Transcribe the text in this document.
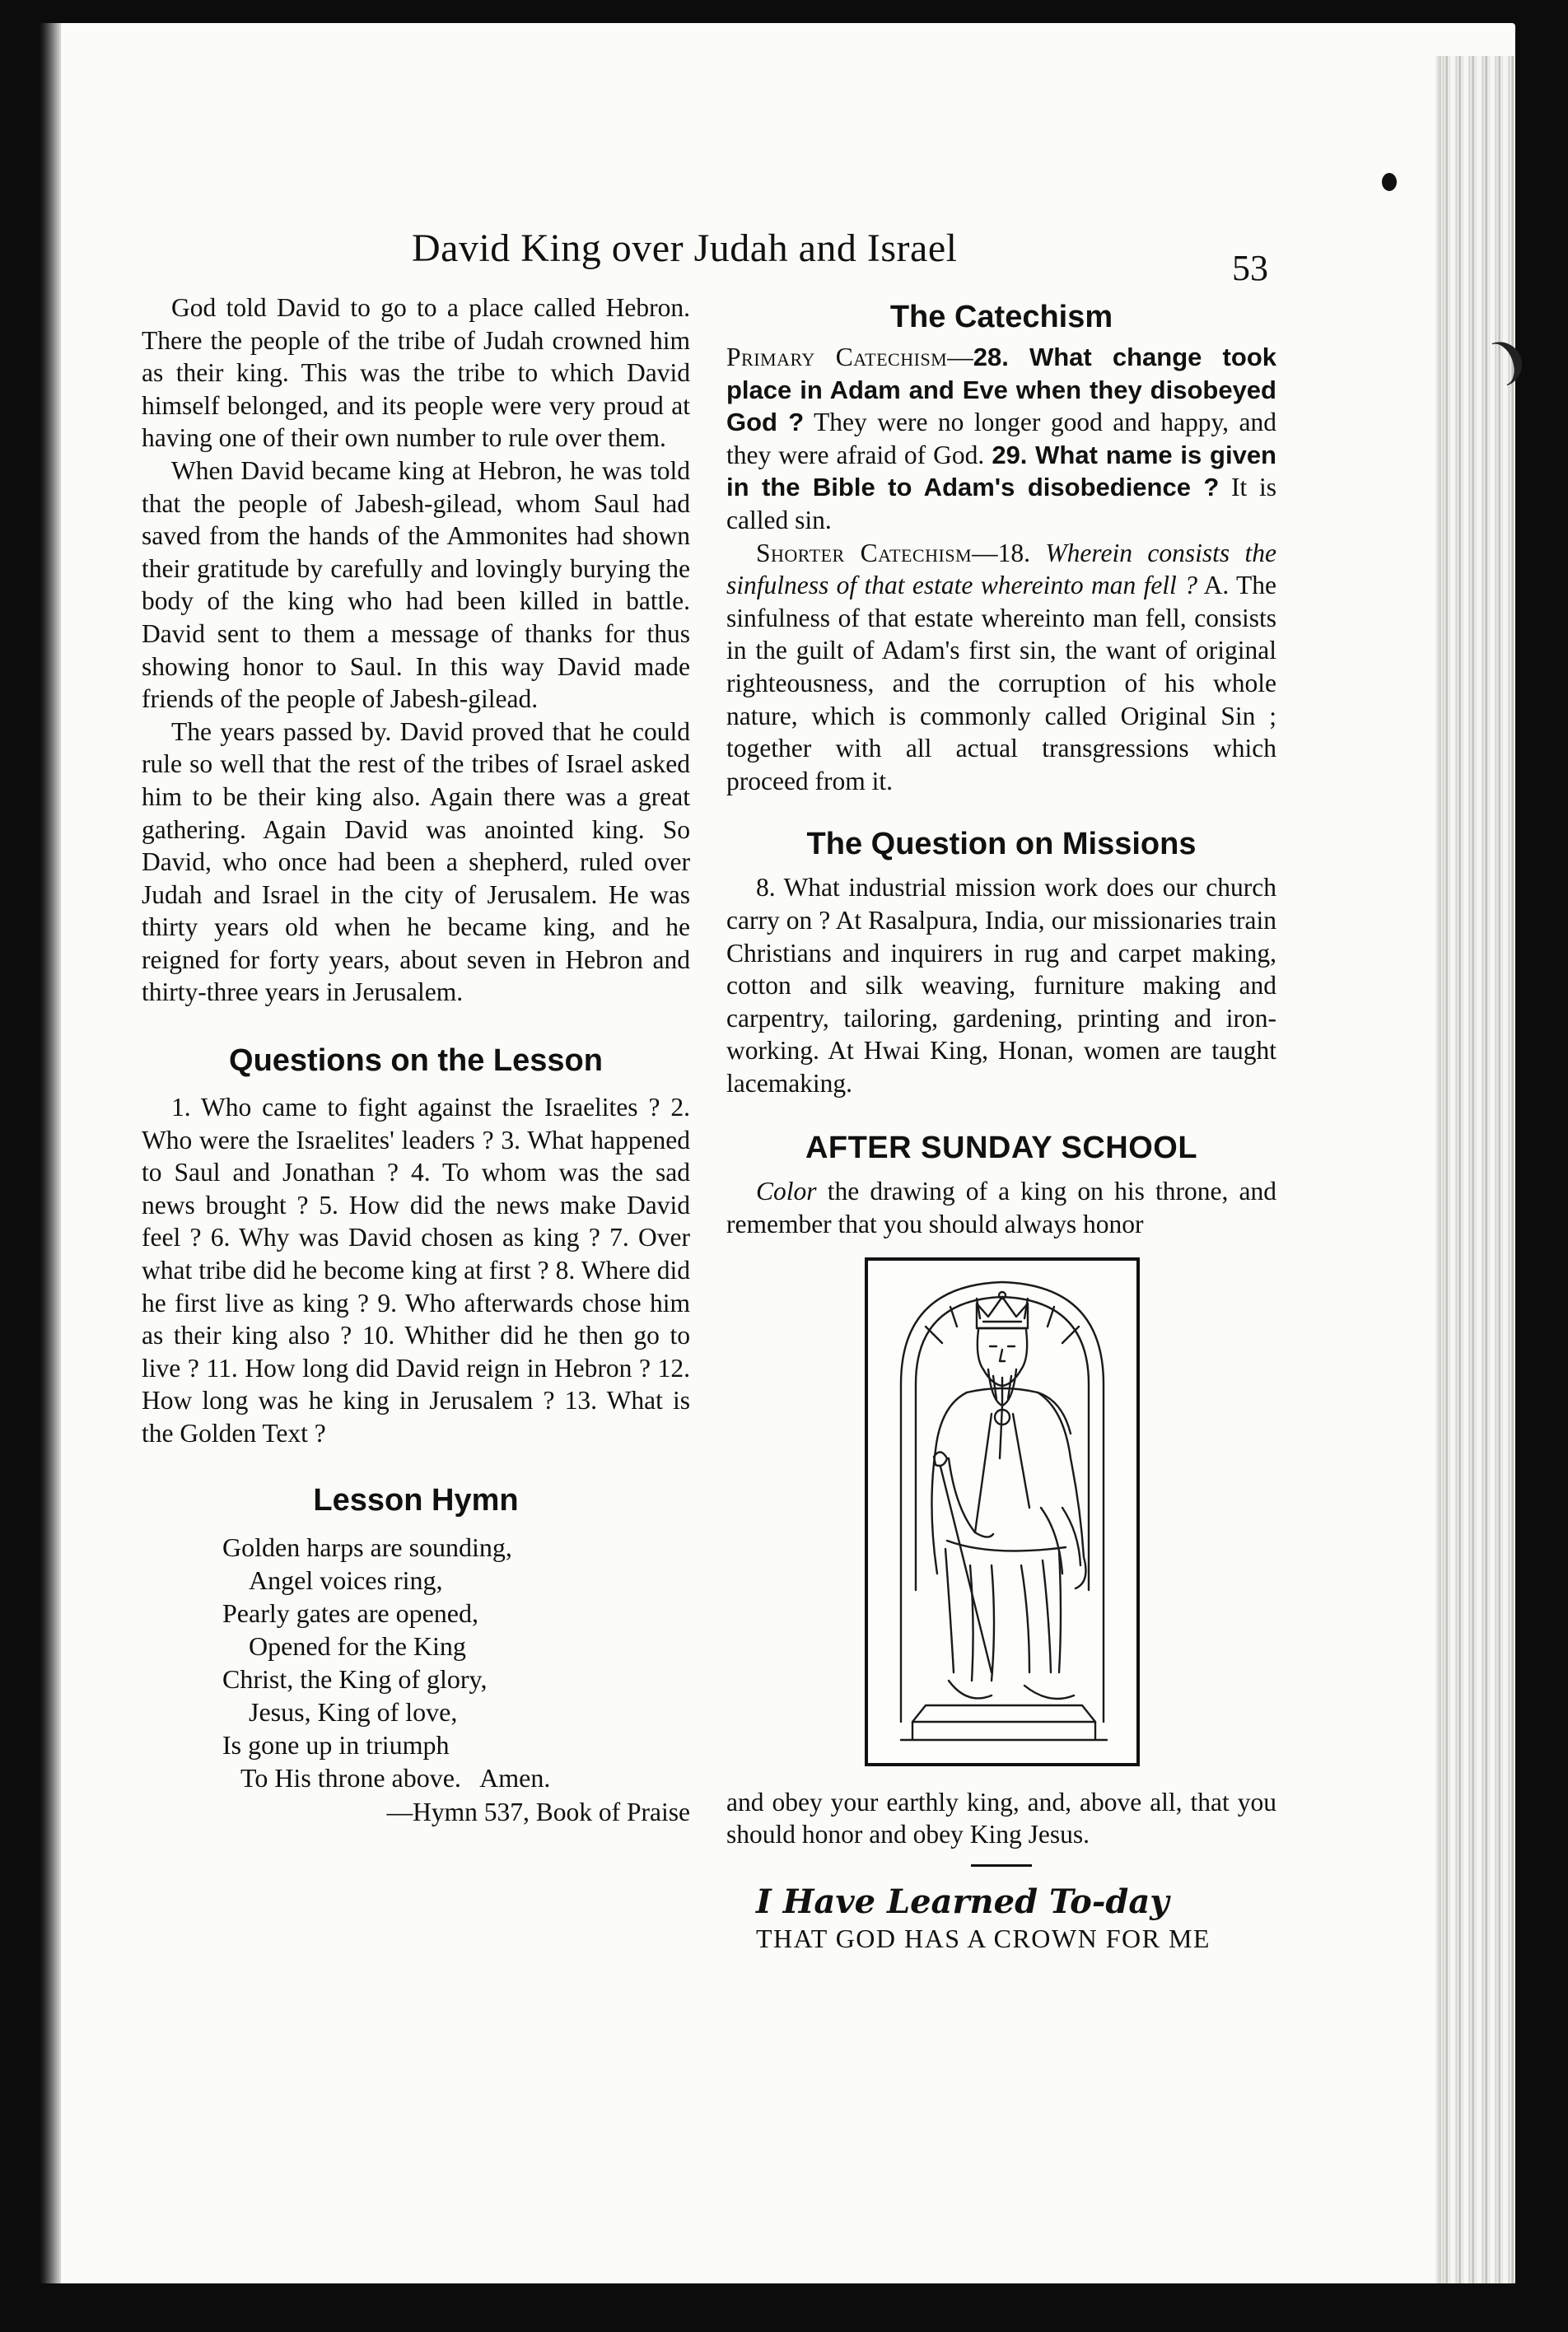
❩
David King over Judah and Israel	53

God told David to go to a place called Hebron. There the people of the tribe of Judah crowned him as their king. This was the tribe to which David himself belonged, and its people were very proud at having one of their own number to rule over them.

When David became king at Hebron, he was told that the people of Jabesh-gilead, whom Saul had saved from the hands of the Ammonites had shown their gratitude by carefully and lovingly burying the body of the king who had been killed in battle. David sent to them a message of thanks for thus showing honor to Saul. In this way David made friends of the people of Jabesh-gilead.

The years passed by. David proved that he could rule so well that the rest of the tribes of Israel asked him to be their king also. Again there was a great gathering. Again David was anointed king. So David, who once had been a shepherd, ruled over Judah and Israel in the city of Jerusalem. He was thirty years old when he became king, and he reigned for forty years, about seven in Hebron and thirty-three years in Jerusalem.

Questions on the Lesson

1. Who came to fight against the Israelites ? 2. Who were the Israelites' leaders ? 3. What happened to Saul and Jonathan ? 4. To whom was the sad news brought ? 5. How did the news make David feel ? 6. Why was David chosen as king ? 7. Over what tribe did he become king at first ? 8. Where did he first live as king ? 9. Who afterwards chose him as their king also ? 10. Whither did he then go to live ? 11. How long did David reign in Hebron ? 12. How long was he king in Jerusalem ? 13. What is the Golden Text ?

Lesson Hymn
Golden harps are sounding,
Angel voices ring,
Pearly gates are opened,
Opened for the King
Christ, the King of glory,
Jesus, King of love,
Is gone up in triumph
To His throne above.   Amen.

—Hymn 537, Book of Praise

The Catechism

Primary Catechism—28. What change took place in Adam and Eve when they disobeyed God ? They were no longer good and happy, and they were afraid of God. 29. What name is given in the Bible to Adam's disobedience ? It is called sin.

Shorter Catechism—18. Wherein consists the sinfulness of that estate whereinto man fell ? A. The sinfulness of that estate whereinto man fell, consists in the guilt of Adam's first sin, the want of original righteousness, and the corruption of his whole nature, which is commonly called Original Sin ; together with all actual transgressions which proceed from it.

The Question on Missions

8. What industrial mission work does our church carry on ? At Rasalpura, India, our missionaries train Christians and inquirers in rug and carpet making, cotton and silk weaving, furniture making and carpentry, tailoring, gardening, printing and iron-working. At Hwai King, Honan, women are taught lacemaking.

AFTER SUNDAY SCHOOL

Color the drawing of a king on his throne, and remember that you should always honor

and obey your earthly king, and, above all, that you should honor and obey King Jesus.

I Have Learned To-day

THAT GOD HAS A CROWN FOR ME
